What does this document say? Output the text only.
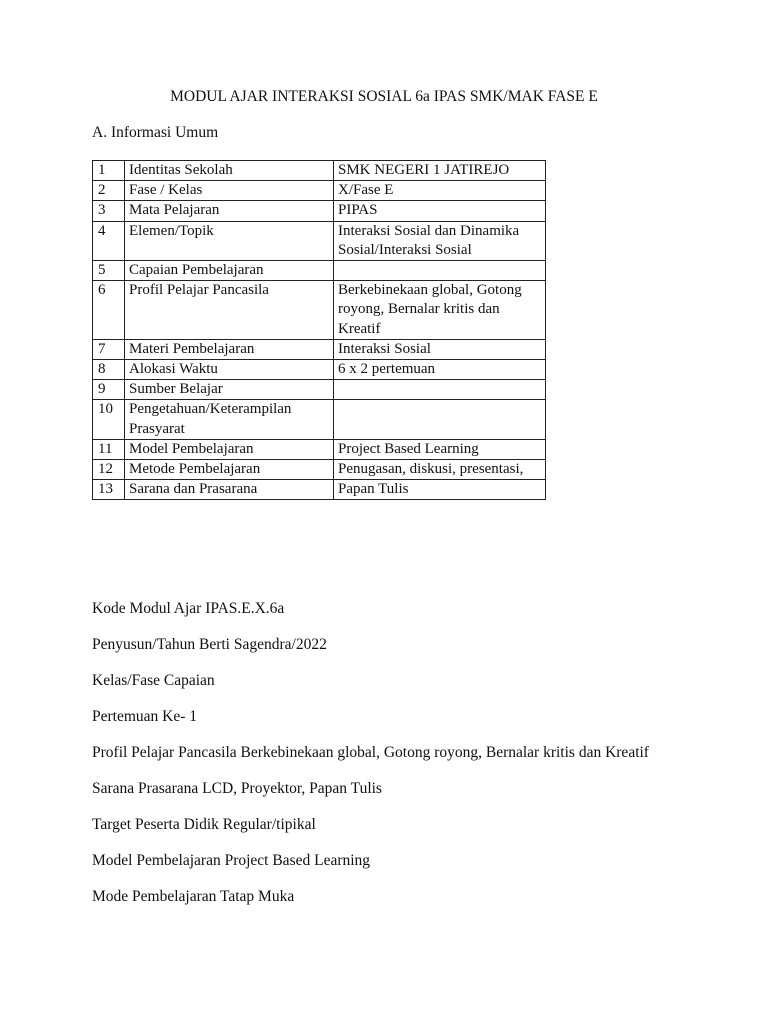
MODUL AJAR INTERAKSI SOSIAL 6a IPAS SMK/MAK FASE E
A. Informasi Umum
1	Identitas Sekolah	SMK NEGERI 1 JATIREJO
2	Fase / Kelas	X/Fase E
3	Mata Pelajaran	PIPAS
4	Elemen/Topik	Interaksi Sosial dan Dinamika Sosial/Interaksi Sosial
5	Capaian Pembelajaran	
6	Profil Pelajar Pancasila	Berkebinekaan global, Gotong royong, Bernalar kritis dan Kreatif
7	Materi Pembelajaran	Interaksi Sosial
8	Alokasi Waktu	6 x 2 pertemuan
9	Sumber Belajar	
10	Pengetahuan/Keterampilan Prasyarat	
11	Model Pembelajaran	Project Based Learning
12	Metode Pembelajaran	Penugasan, diskusi, presentasi,
13	Sarana dan Prasarana	Papan Tulis

Kode Modul Ajar IPAS.E.X.6a

Penyusun/Tahun Berti Sagendra/2022

Kelas/Fase Capaian

Pertemuan Ke- 1

Profil Pelajar Pancasila Berkebinekaan global, Gotong royong, Bernalar kritis dan Kreatif

Sarana Prasarana LCD, Proyektor, Papan Tulis

Target Peserta Didik Regular/tipikal

Model Pembelajaran Project Based Learning

Mode Pembelajaran Tatap Muka
